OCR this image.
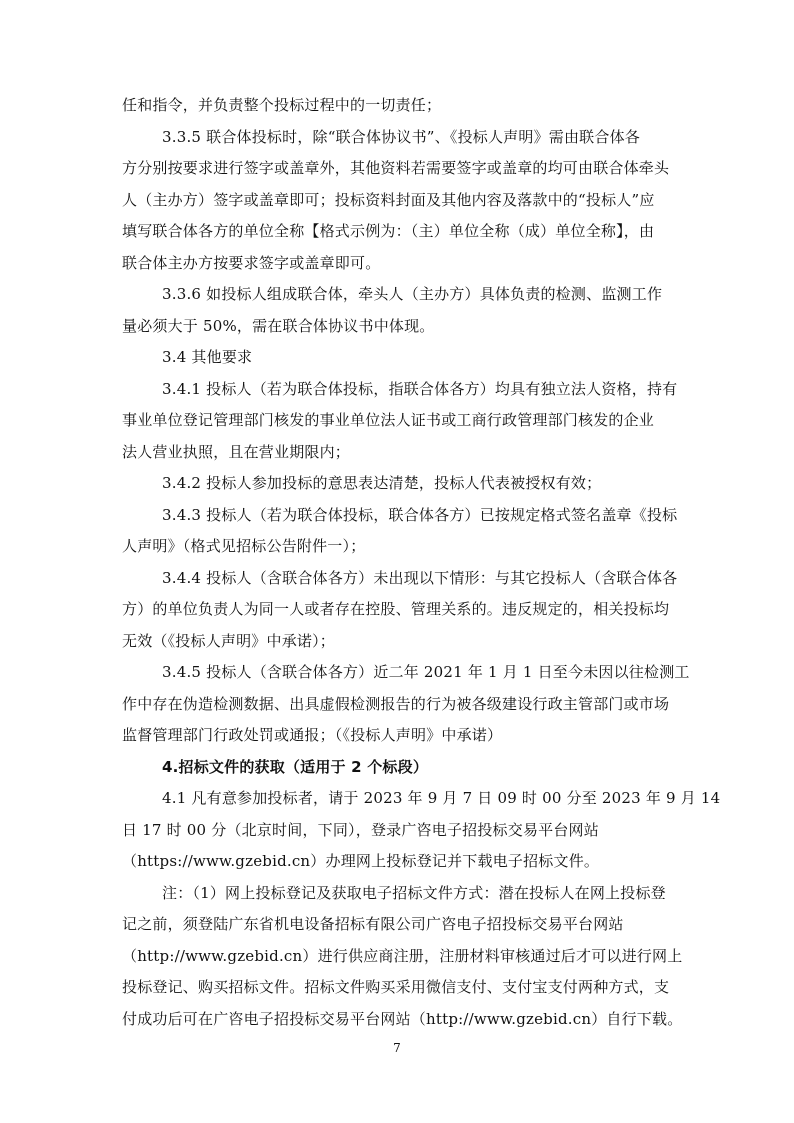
任和指令，并负责整个投标过程中的一切责任；
3.3.5 联合体投标时，除“联合体协议书”、《投标人声明》需由联合体各
方分别按要求进行签字或盖章外，其他资料若需要签字或盖章的均可由联合体牵头
人（主办方）签字或盖章即可；投标资料封面及其他内容及落款中的“投标人”应
填写联合体各方的单位全称【格式示例为：（主）单位全称（成）单位全称】，由
联合体主办方按要求签字或盖章即可。
3.3.6 如投标人组成联合体，牵头人（主办方）具体负责的检测、监测工作
量必须大于 50%，需在联合体协议书中体现。
3.4 其他要求
3.4.1 投标人（若为联合体投标，指联合体各方）均具有独立法人资格，持有
事业单位登记管理部门核发的事业单位法人证书或工商行政管理部门核发的企业
法人营业执照，且在营业期限内；
3.4.2 投标人参加投标的意思表达清楚，投标人代表被授权有效；
3.4.3 投标人（若为联合体投标，联合体各方）已按规定格式签名盖章《投标
人声明》（格式见招标公告附件一）；
3.4.4 投标人（含联合体各方）未出现以下情形：与其它投标人（含联合体各
方）的单位负责人为同一人或者存在控股、管理关系的。违反规定的，相关投标均
无效（《投标人声明》中承诺）；
3.4.5 投标人（含联合体各方）近二年 2021 年 1 月 1 日至今未因以往检测工
作中存在伪造检测数据、出具虚假检测报告的行为被各级建设行政主管部门或市场
监督管理部门行政处罚或通报；（《投标人声明》中承诺）
4.招标文件的获取（适用于 2 个标段）
4.1 凡有意参加投标者，请于 2023 年 9 月 7 日 09 时 00 分至 2023 年 9 月 14
日 17 时 00 分（北京时间，下同），登录广咨电子招投标交易平台网站
（https://www.gzebid.cn）办理网上投标登记并下载电子招标文件。
注：（1）网上投标登记及获取电子招标文件方式：潜在投标人在网上投标登
记之前，须登陆广东省机电设备招标有限公司广咨电子招投标交易平台网站
（http://www.gzebid.cn）进行供应商注册，注册材料审核通过后才可以进行网上
投标登记、购买招标文件。招标文件购买采用微信支付、支付宝支付两种方式，支
付成功后可在广咨电子招投标交易平台网站（http://www.gzebid.cn）自行下载。
7
